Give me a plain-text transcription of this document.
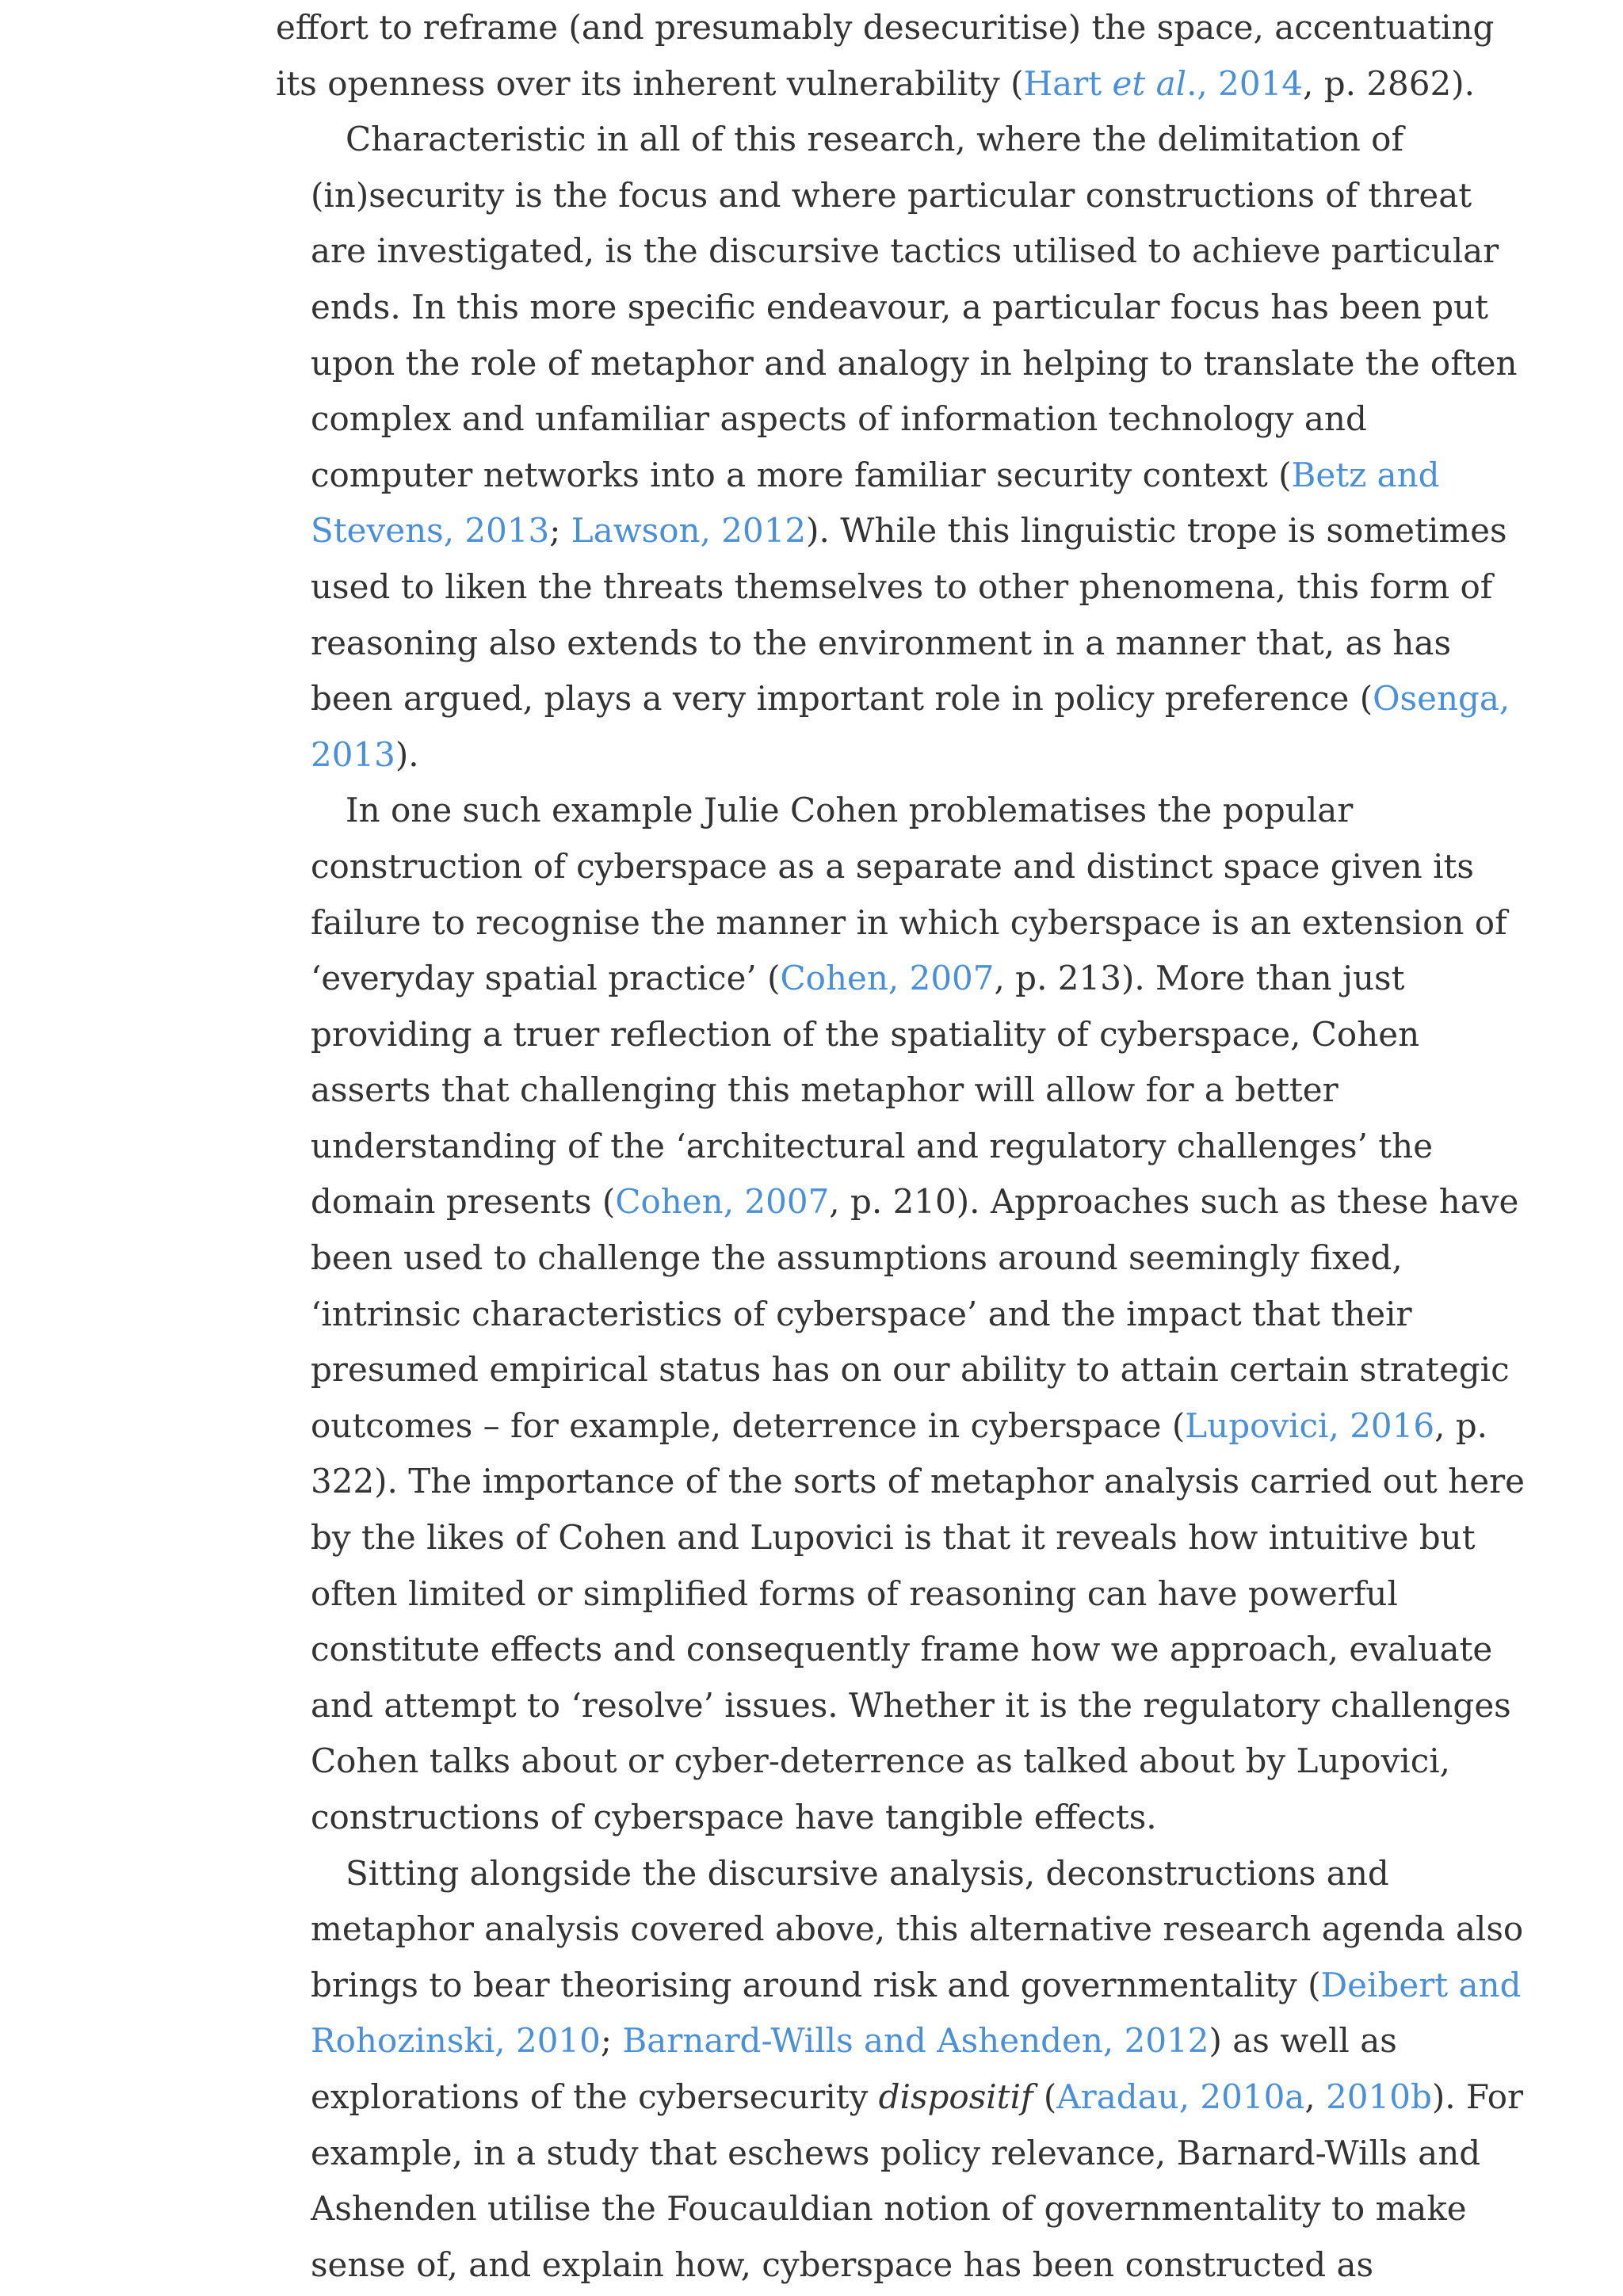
effort to reframe (and presumably desecuritise) the space, accentuating
its openness over its inherent vulnerability (Hart et al., 2014, p. 2862).
Characteristic in all of this research, where the delimitation of
(in)security is the focus and where particular constructions of threat
are investigated, is the discursive tactics utilised to achieve particular
ends. In this more specific endeavour, a particular focus has been put
upon the role of metaphor and analogy in helping to translate the often
complex and unfamiliar aspects of information technology and
computer networks into a more familiar security context (Betz and
Stevens, 2013; Lawson, 2012). While this linguistic trope is sometimes
used to liken the threats themselves to other phenomena, this form of
reasoning also extends to the environment in a manner that, as has
been argued, plays a very important role in policy preference (Osenga,
2013).
In one such example Julie Cohen problematises the popular
construction of cyberspace as a separate and distinct space given its
failure to recognise the manner in which cyberspace is an extension of
‘everyday spatial practice’ (Cohen, 2007, p. 213). More than just
providing a truer reflection of the spatiality of cyberspace, Cohen
asserts that challenging this metaphor will allow for a better
understanding of the ‘architectural and regulatory challenges’ the
domain presents (Cohen, 2007, p. 210). Approaches such as these have
been used to challenge the assumptions around seemingly fixed,
‘intrinsic characteristics of cyberspace’ and the impact that their
presumed empirical status has on our ability to attain certain strategic
outcomes – for example, deterrence in cyberspace (Lupovici, 2016, p.
322). The importance of the sorts of metaphor analysis carried out here
by the likes of Cohen and Lupovici is that it reveals how intuitive but
often limited or simplified forms of reasoning can have powerful
constitute effects and consequently frame how we approach, evaluate
and attempt to ‘resolve’ issues. Whether it is the regulatory challenges
Cohen talks about or cyber-deterrence as talked about by Lupovici,
constructions of cyberspace have tangible effects.
Sitting alongside the discursive analysis, deconstructions and
metaphor analysis covered above, this alternative research agenda also
brings to bear theorising around risk and governmentality (Deibert and
Rohozinski, 2010; Barnard-Wills and Ashenden, 2012) as well as
explorations of the cybersecurity dispositif (Aradau, 2010a, 2010b). For
example, in a study that eschews policy relevance, Barnard-Wills and
Ashenden utilise the Foucauldian notion of governmentality to make
sense of, and explain how, cyberspace has been constructed as
